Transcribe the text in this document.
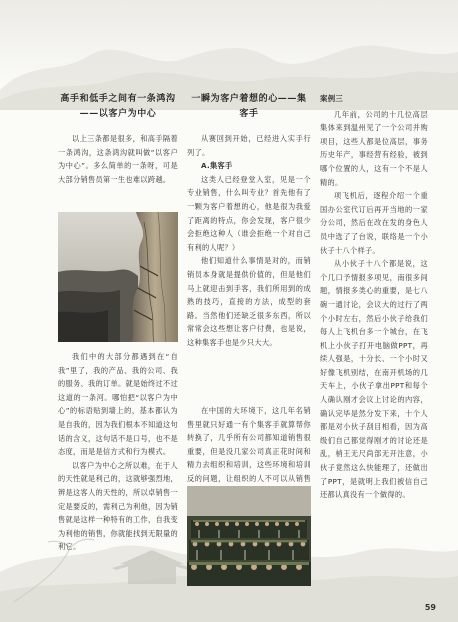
高手和低手之间有一条鸿沟——以客户为中心

以上三条都是很多，和高手隔着一条鸿沟，这条鸿沟就叫做“以客户为中心”。多么简单的一条呀，可是大部分销售员第一生也难以跨越。

我们中的大部分都遇到在“自我”里了，我的产品、我的公司、我的服务、我的订单。就是始终过不过这道的一条河。哪怕把“以客户为中心”的标语贴到墙上的，基本都认为是自我的，因为我们根本不知道这句话的含义，这句话不是口号，也不是态度，而是是信方式和行为模式。

以客户为中心之所以难，在于人的天性就是利己的，这就够强烈地，辨是这客人的天性的，所以卓销售一定是要反的，需利己为利他，因为销售就是这样一种特有的工作，自我变为利他的销售，你就能找到无限量的利它。

一瞬为客户着想的心——集客手

从赛回到开始，已经进入实手行列了。

A.集客手

这类人已经登堂入室，见是一个专业销售，什么叫专业？首先他有了一颗为客户着想的心，他是很为我爱了距离的特点，你会发现，客户很少会拒绝这种人（谁会拒绝一个对自己有利的人呢？）

他们知道什么事情是对的，而销销员本身就是提供价值的，但是他们马上就迎击到手客，我们所用到的成熟的技巧，直接的方法，成型的套路。当然他们还缺乏很多东西，所以常常会这些想让客户付费，也是说，这种集客手也是少只大大。

在中国的大环境下，这几年名销售里就只好通一有个集客手就算帮你转换了，几乎所有公司都知道销售很重要，但是没几家公司真正花时间和精力去组织和培训，这些环境和培训反的问题，让组织的人不可以从销售

案例三

几年前，公司的十几位高层集体来到温州见了一个公司并购项目，这些人都是位高层，事务历史年产，事经营有经验，被到哪个位置的人，这有一个不是人精的。

项飞机后，逐程介绍一个重国办公室代订后再开当地的一家分公司，然后在改在发的身色人员中选了了台说，联络是一个小伙子十八个样子。

从小伙子十八个都是说，这个几口予情报多项见，南很多间题，情报多类心的重要，是七八碗一通讨论，会议大的过行了两个小时左右，然后小伙子给我们每人上飞机台多一个城台，在飞机上小伙子打开电脑做PPT，再续人强是，十分长、一个小时又好像飞机别结，在南开机场的几天车上，小伙子拿出PPT和每个人确认刚才会议上讨论的内容，确认完毕是然分发下来，十个人都是对小伙子刮目相看，因为高级们自己都觉得刚才的讨论还是乱，梢王无尺尚部无开注意，小伙子竟然这么快能理了，还做出了PPT，是就明上我们被信自己还都认真没有一个做得的。

59
